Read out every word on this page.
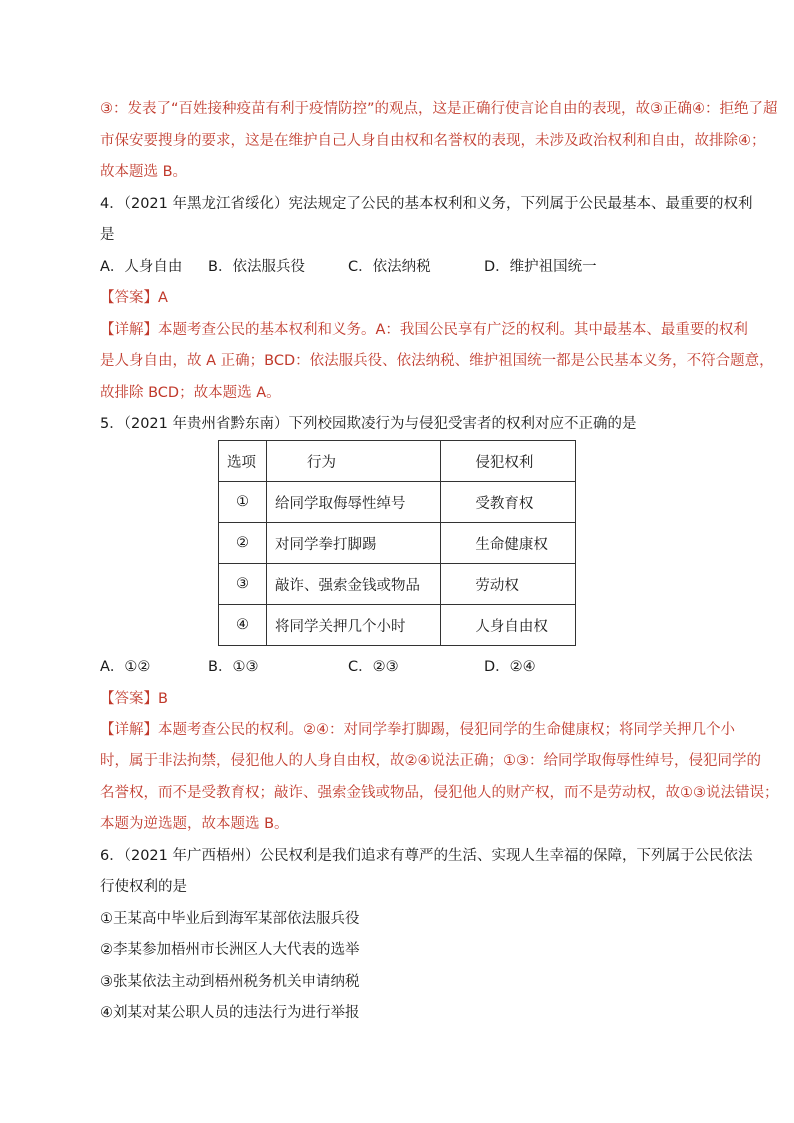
③：发表了“百姓接种疫苗有利于疫情防控”的观点，这是正确行使言论自由的表现，故③正确④：拒绝了超
市保安要搜身的要求，这是在维护自己人身自由权和名誉权的表现，未涉及政治权利和自由，故排除④；
故本题选 B。
4．（2021 年黑龙江省绥化）宪法规定了公民的基本权利和义务，下列属于公民最基本、最重要的权利
是
A．人身自由 B．依法服兵役	C．依法纳税	D．维护祖国统一
【答案】A
【详解】本题考查公民的基本权利和义务。A：我国公民享有广泛的权利。其中最基本、最重要的权利
是人身自由，故 A 正确；BCD：依法服兵役、依法纳税、维护祖国统一都是公民基本义务，不符合题意，
故排除 BCD；故本题选 A。
5．（2021 年贵州省黔东南）下列校园欺凌行为与侵犯受害者的权利对应不正确的是
选项	行为	侵犯权利
①	给同学取侮辱性绰号	受教育权
②	对同学拳打脚踢	生命健康权
③	敲诈、强索金钱或物品	劳动权
④	将同学关押几个小时	人身自由权
A．①②	B．①③	C．②③	D．②④
【答案】B
【详解】本题考查公民的权利。②④：对同学拳打脚踢，侵犯同学的生命健康权；将同学关押几个小
时，属于非法拘禁，侵犯他人的人身自由权，故②④说法正确；①③：给同学取侮辱性绰号，侵犯同学的
名誉权，而不是受教育权；敲诈、强索金钱或物品，侵犯他人的财产权，而不是劳动权，故①③说法错误；
本题为逆选题，故本题选 B。
6．（2021 年广西梧州）公民权利是我们追求有尊严的生活、实现人生幸福的保障，下列属于公民依法
行使权利的是
①王某高中毕业后到海军某部依法服兵役
②李某参加梧州市长洲区人大代表的选举
③张某依法主动到梧州税务机关申请纳税
④刘某对某公职人员的违法行为进行举报
